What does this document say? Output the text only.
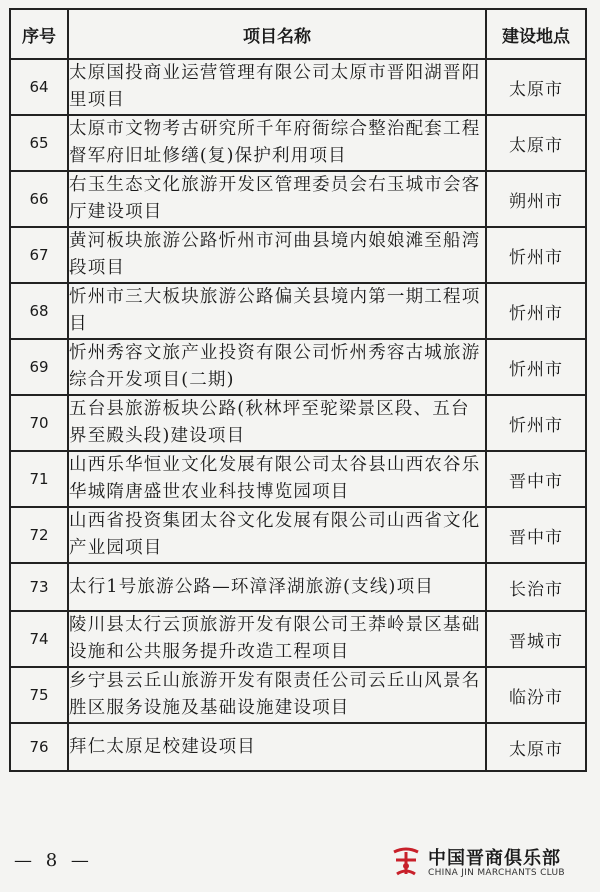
序号	项目名称	建设地点
64	太原国投商业运营管理有限公司太原市晋阳湖晋阳里项目	太原市
65	太原市文物考古研究所千年府衙综合整治配套工程督军府旧址修缮(复)保护利用项目	太原市
66	右玉生态文化旅游开发区管理委员会右玉城市会客厅建设项目	朔州市
67	黄河板块旅游公路忻州市河曲县境内娘娘滩至船湾段项目	忻州市
68	忻州市三大板块旅游公路偏关县境内第一期工程项目	忻州市
69	忻州秀容文旅产业投资有限公司忻州秀容古城旅游综合开发项目(二期)	忻州市
70	五台县旅游板块公路(秋林坪至驼梁景区段、五台界至殿头段)建设项目	忻州市
71	山西乐华恒业文化发展有限公司太谷县山西农谷乐华城隋唐盛世农业科技博览园项目	晋中市
72	山西省投资集团太谷文化发展有限公司山西省文化产业园项目	晋中市
73	太行1号旅游公路—环漳泽湖旅游(支线)项目	长治市
74	陵川县太行云顶旅游开发有限公司王莽岭景区基础设施和公共服务提升改造工程项目	晋城市
75	乡宁县云丘山旅游开发有限责任公司云丘山风景名胜区服务设施及基础设施建设项目	临汾市
76	拜仁太原足校建设项目	太原市
— 8 —	中国晋商俱乐部
CHINA JIN MARCHANTS CLUB
